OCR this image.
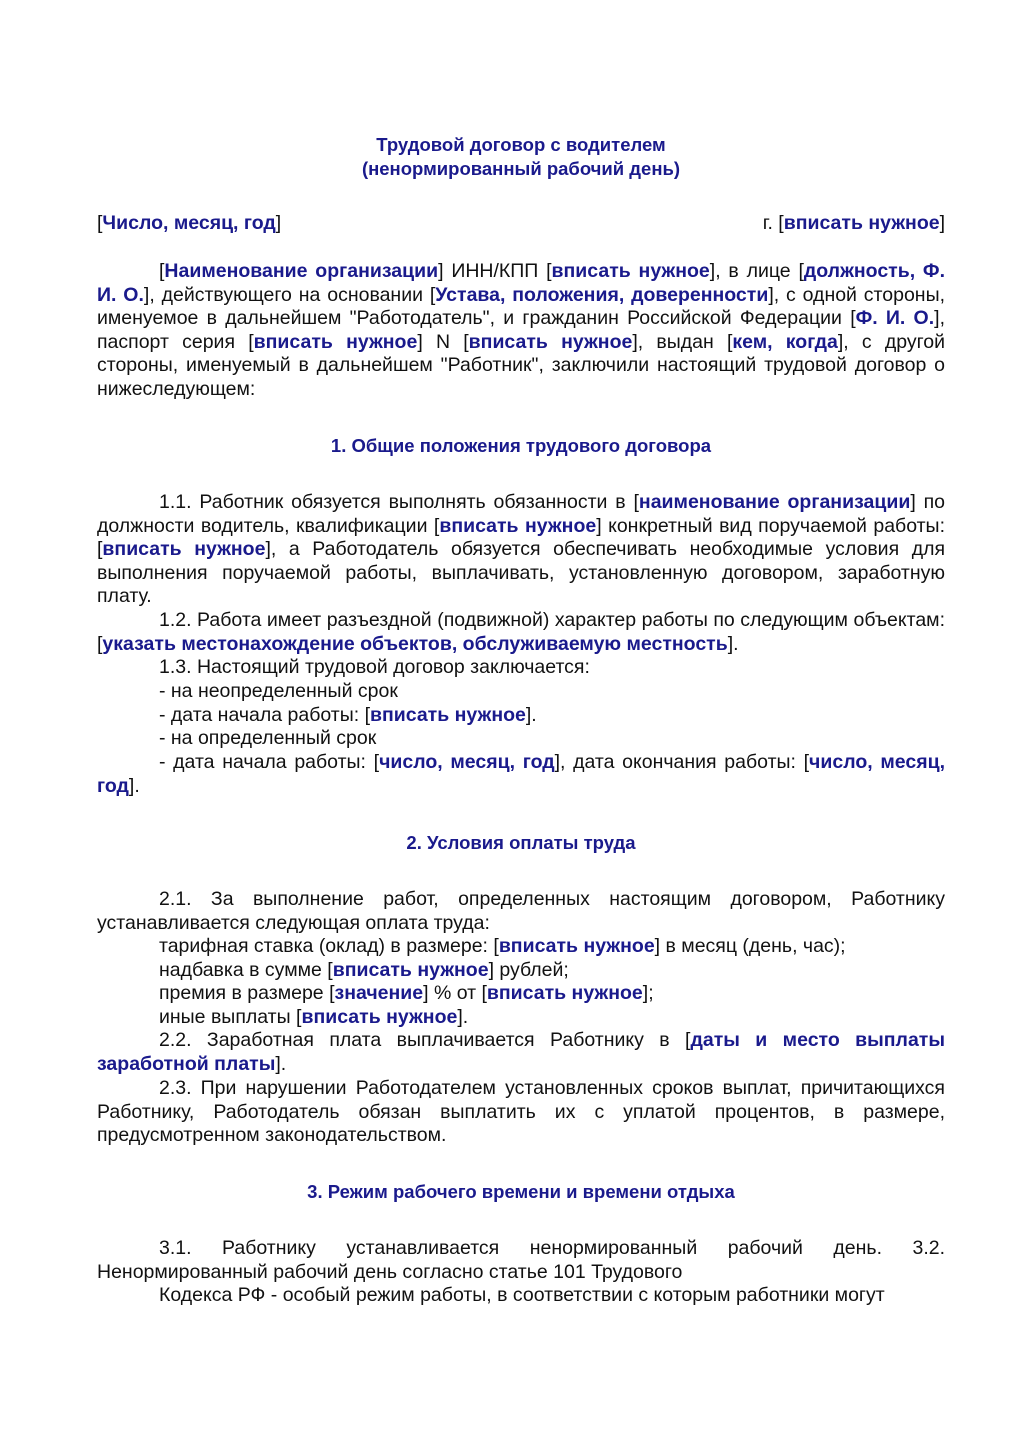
Трудовой договор с водителем
(ненормированный рабочий день)
[Число, месяц, год]	г. [вписать нужное]

[Наименование организации] ИНН/КПП [вписать нужное], в лице [должность, Ф. И. О.], действующего на основании [Устава, положения, доверенности], с одной стороны, именуемое в дальнейшем "Работодатель", и гражданин Российской Федерации [Ф. И. О.], паспорт серия [вписать нужное] N [вписать нужное], выдан [кем, когда], с другой стороны, именуемый в дальнейшем "Работник", заключили настоящий трудовой договор о нижеследующем:

1. Общие положения трудового договора

1.1. Работник обязуется выполнять обязанности в [наименование организации] по должности водитель, квалификации [вписать нужное] конкретный вид поручаемой работы: [вписать нужное], а Работодатель обязуется обеспечивать необходимые условия для выполнения поручаемой работы, выплачивать, установленную договором, заработную плату.

1.2. Работа имеет разъездной (подвижной) характер работы по следующим объектам: [указать местонахождение объектов, обслуживаемую местность].

1.3. Настоящий трудовой договор заключается:

- на неопределенный срок

- дата начала работы: [вписать нужное].

- на определенный срок

- дата начала работы: [число, месяц, год], дата окончания работы: [число, месяц, год].

2. Условия оплаты труда

2.1. За выполнение работ, определенных настоящим договором, Работнику устанавливается следующая оплата труда:

тарифная ставка (оклад) в размере: [вписать нужное] в месяц (день, час);

надбавка в сумме [вписать нужное] рублей;

премия в размере [значение] % от [вписать нужное];

иные выплаты [вписать нужное].

2.2. Заработная плата выплачивается Работнику в [даты и место выплаты заработной платы].

2.3. При нарушении Работодателем установленных сроков выплат, причитающихся Работнику, Работодатель обязан выплатить их с уплатой процентов, в размере, предусмотренном законодательством.

3. Режим рабочего времени и времени отдыха

3.1. Работнику устанавливается ненормированный рабочий день. 3.2. Ненормированный рабочий день согласно статье 101 Трудового

Кодекса РФ - особый режим работы, в соответствии с которым работники могут
